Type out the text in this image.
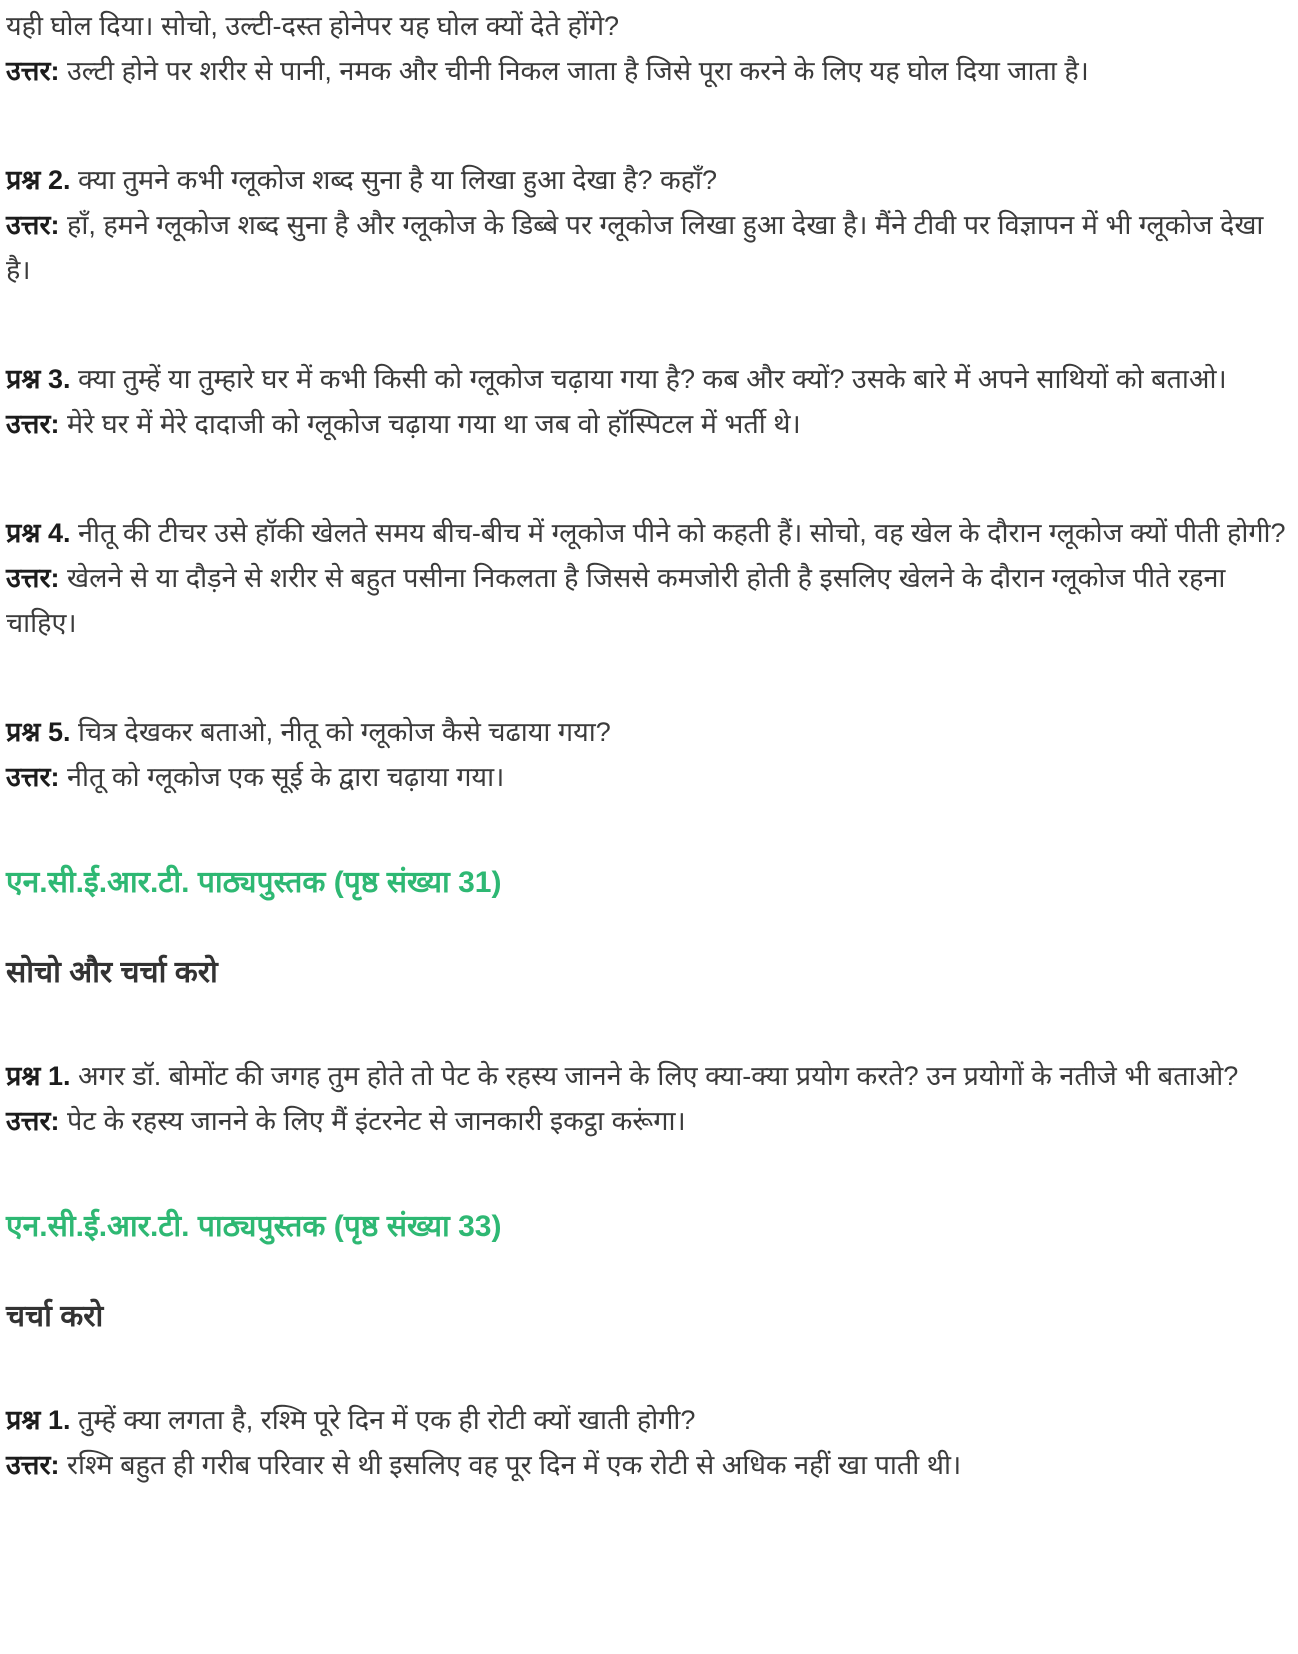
यही घोल दिया। सोचो, उल्टी-दस्त होनेपर यह घोल क्यों देते होंगे?
उत्तर: उल्टी होने पर शरीर से पानी, नमक और चीनी निकल जाता है जिसे पूरा करने के लिए यह घोल दिया जाता है।

प्रश्न 2. क्या तुमने कभी ग्लूकोज शब्द सुना है या लिखा हुआ देखा है? कहाँ?
उत्तर: हाँ, हमने ग्लूकोज शब्द सुना है और ग्लूकोज के डिब्बे पर ग्लूकोज लिखा हुआ देखा है। मैंने टीवी पर विज्ञापन में भी ग्लूकोज देखा है।

प्रश्न 3. क्या तुम्हें या तुम्हारे घर में कभी किसी को ग्लूकोज चढ़ाया गया है? कब और क्यों? उसके बारे में अपने साथियों को बताओ।
उत्तर: मेरे घर में मेरे दादाजी को ग्लूकोज चढ़ाया गया था जब वो हॉस्पिटल में भर्ती थे।

प्रश्न 4. नीतू की टीचर उसे हॉकी खेलते समय बीच-बीच में ग्लूकोज पीने को कहती हैं। सोचो, वह खेल के दौरान ग्लूकोज क्यों पीती होगी?
उत्तर: खेलने से या दौड़ने से शरीर से बहुत पसीना निकलता है जिससे कमजोरी होती है इसलिए खेलने के दौरान ग्लूकोज पीते रहना चाहिए।

प्रश्न 5. चित्र देखकर बताओ, नीतू को ग्लूकोज कैसे चढाया गया?
उत्तर: नीतू को ग्लूकोज एक सूई के द्वारा चढ़ाया गया।

एन.सी.ई.आर.टी. पाठ्यपुस्तक (पृष्ठ संख्या 31)
सोचो और चर्चा करो

प्रश्न 1. अगर डॉ. बोमोंट की जगह तुम होते तो पेट के रहस्य जानने के लिए क्या-क्या प्रयोग करते? उन प्रयोगों के नतीजे भी बताओ?
उत्तर: पेट के रहस्य जानने के लिए मैं इंटरनेट से जानकारी इकट्ठा करूंगा।

एन.सी.ई.आर.टी. पाठ्यपुस्तक (पृष्ठ संख्या 33)
चर्चा करो

प्रश्न 1. तुम्हें क्या लगता है, रश्मि पूरे दिन में एक ही रोटी क्यों खाती होगी?
उत्तर: रश्मि बहुत ही गरीब परिवार से थी इसलिए वह पूर दिन में एक रोटी से अधिक नहीं खा पाती थी।
